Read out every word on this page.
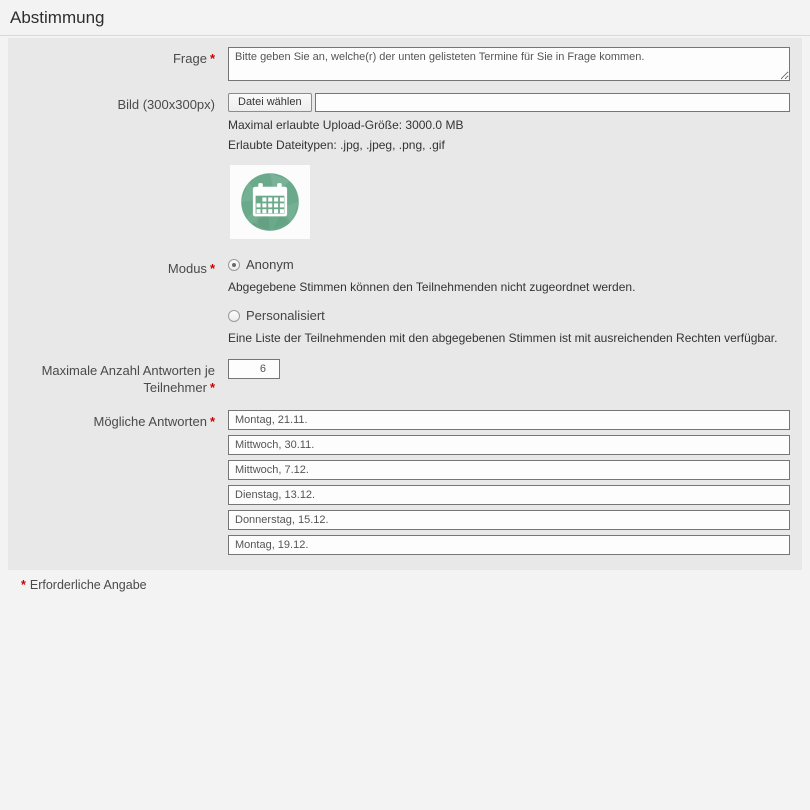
Abstimmung
Frage *
Bitte geben Sie an, welche(r) der unten gelisteten Termine für Sie in Frage kommen.
Bild (300x300px)	Datei wählen
Maximal erlaubte Upload-Größe: 3000.0 MB
Erlaubte Dateitypen: .jpg, .jpeg, .png, .gif
Modus * Anonym
Abgegebene Stimmen können den Teilnehmenden nicht zugeordnet werden.
Personalisiert
Eine Liste der Teilnehmenden mit den abgegebenen Stimmen ist mit ausreichenden Rechten verfügbar.
Maximale Anzahl Antworten je
Teilnehmer *
6
Mögliche Antworten *
Montag, 21.11.
Mittwoch, 30.11.
Mittwoch, 7.12.
Dienstag, 13.12.
Donnerstag, 15.12.
Montag, 19.12.
* Erforderliche Angabe
